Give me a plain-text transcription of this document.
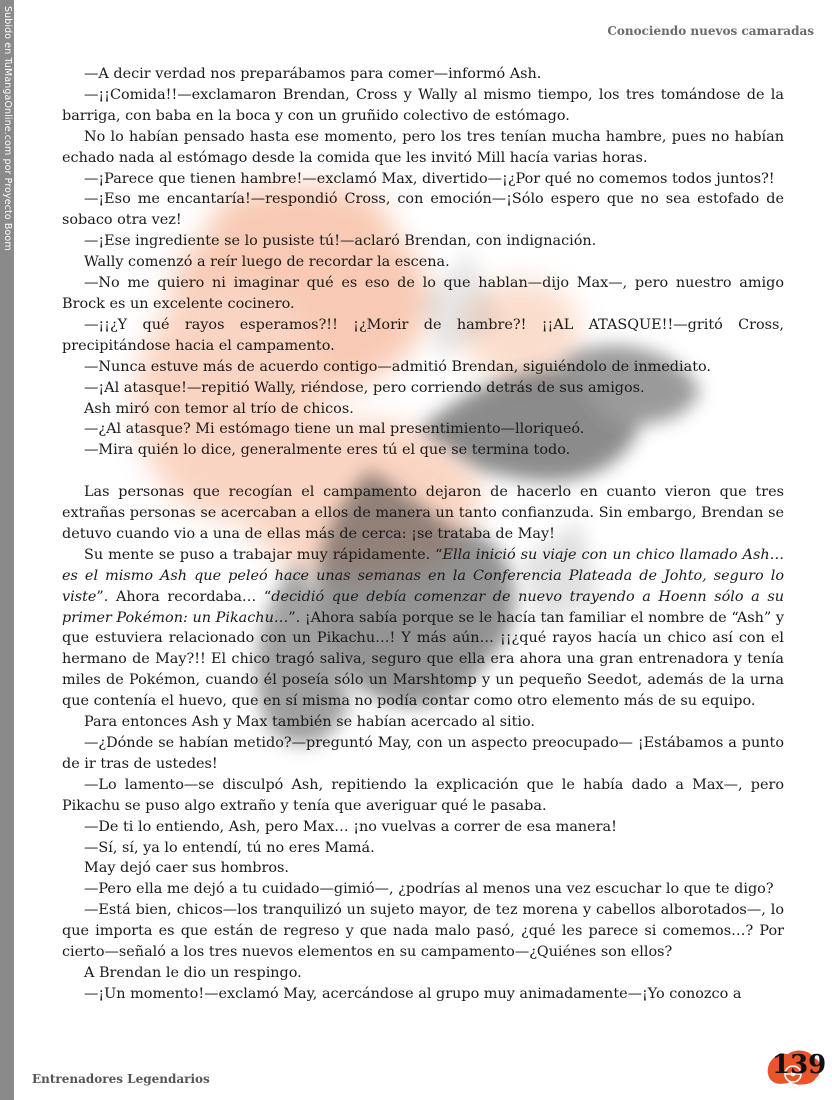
Subido en TuMangaOnline.com por Proyecto Boom	Conociendo nuevos camaradas

—A decir verdad nos preparábamos para comer—informó Ash.

—¡¡Comida!!—exclamaron Brendan, Cross y Wally al mismo tiempo, los tres tomándose de la barriga, con baba en la boca y con un gruñido colectivo de estómago.

No lo habían pensado hasta ese momento, pero los tres tenían mucha hambre, pues no habían echado nada al estómago desde la comida que les invitó Mill hacía varias horas.

—¡Parece que tienen hambre!—exclamó Max, divertido—¡¿Por qué no comemos todos juntos?!

—¡Eso me encantaría!—respondió Cross, con emoción—¡Sólo espero que no sea estofado de sobaco otra vez!

—¡Ese ingrediente se lo pusiste tú!—aclaró Brendan, con indignación.

Wally comenzó a reír luego de recordar la escena.

—No me quiero ni imaginar qué es eso de lo que hablan—dijo Max—, pero nuestro amigo Brock es un excelente cocinero.

—¡¡¿Y qué rayos esperamos?!! ¡¿Morir de hambre?! ¡¡AL ATASQUE!!—gritó Cross, precipitándose hacia el campamento.

—Nunca estuve más de acuerdo contigo—admitió Brendan, siguiéndolo de inmediato.

—¡Al atasque!—repitió Wally, riéndose, pero corriendo detrás de sus amigos.

Ash miró con temor al trío de chicos.

—¿Al atasque? Mi estómago tiene un mal presentimiento—lloriqueó.

—Mira quién lo dice, generalmente eres tú el que se termina todo.

Las personas que recogían el campamento dejaron de hacerlo en cuanto vieron que tres extrañas personas se acercaban a ellos de manera un tanto confianzuda. Sin embargo, Brendan se detuvo cuando vio a una de ellas más de cerca: ¡se trataba de May!

Su mente se puso a trabajar muy rápidamente. “Ella inició su viaje con un chico llamado Ash… es el mismo Ash que peleó hace unas semanas en la Conferencia Plateada de Johto, seguro lo viste”. Ahora recordaba… “decidió que debía comenzar de nuevo trayendo a Hoenn sólo a su primer Pokémon: un Pikachu…”. ¡Ahora sabía porque se le hacía tan familiar el nombre de “Ash” y que estuviera relacionado con un Pikachu…! Y más aún… ¡¡¿qué rayos hacía un chico así con el hermano de May?!! El chico tragó saliva, seguro que ella era ahora una gran entrenadora y tenía miles de Pokémon, cuando él poseía sólo un Marshtomp y un pequeño Seedot, además de la urna que contenía el huevo, que en sí misma no podía contar como otro elemento más de su equipo.

Para entonces Ash y Max también se habían acercado al sitio.

—¿Dónde se habían metido?—preguntó May, con un aspecto preocupado— ¡Estábamos a punto de ir tras de ustedes!

—Lo lamento—se disculpó Ash, repitiendo la explicación que le había dado a Max—, pero Pikachu se puso algo extraño y tenía que averiguar qué le pasaba.

—De ti lo entiendo, Ash, pero Max… ¡no vuelvas a correr de esa manera!

—Sí, sí, ya lo entendí, tú no eres Mamá.

May dejó caer sus hombros.

—Pero ella me dejó a tu cuidado—gimió—, ¿podrías al menos una vez escuchar lo que te digo?

—Está bien, chicos—los tranquilizó un sujeto mayor, de tez morena y cabellos alborotados—, lo que importa es que están de regreso y que nada malo pasó, ¿qué les parece si comemos…? Por cierto—señaló a los tres nuevos elementos en su campamento—¿Quiénes son ellos?

A Brendan le dio un respingo.

—¡Un momento!—exclamó May, acercándose al grupo muy animadamente—¡Yo conozco a

Entrenadores Legendarios	139
